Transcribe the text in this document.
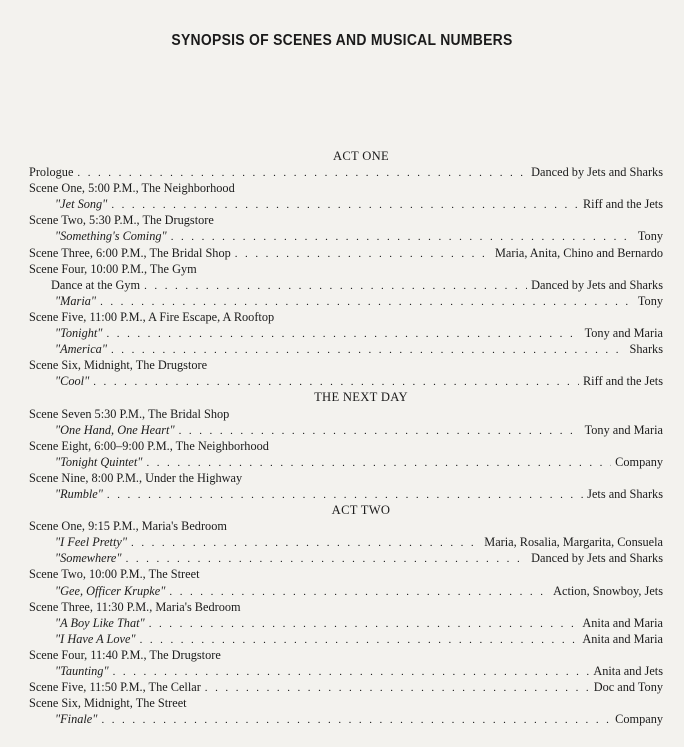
SYNOPSIS OF SCENES AND MUSICAL NUMBERS
ACT ONE
Prologue . . .	Danced by Jets and Sharks
Scene One, 5:00 P.M., The Neighborhood
"Jet Song" . . .	Riff and the Jets
Scene Two, 5:30 P.M., The Drugstore
"Something's Coming" . . .	Tony
Scene Three, 6:00 P.M., The Bridal Shop . . .	Maria, Anita, Chino and Bernardo
Scene Four, 10:00 P.M., The Gym
Dance at the Gym . . .	Danced by Jets and Sharks
"Maria" . . .	Tony
Scene Five, 11:00 P.M., A Fire Escape, A Rooftop
"Tonight" . . .	Tony and Maria
"America" . . .	Sharks
Scene Six, Midnight, The Drugstore
"Cool" . . .	Riff and the Jets
THE NEXT DAY
Scene Seven 5:30 P.M., The Bridal Shop
"One Hand, One Heart" . . .	Tony and Maria
Scene Eight, 6:00–9:00 P.M., The Neighborhood
"Tonight Quintet" . . .	Company
Scene Nine, 8:00 P.M., Under the Highway
"Rumble" . . .	Jets and Sharks
ACT TWO
Scene One, 9:15 P.M., Maria's Bedroom
"I Feel Pretty" . . .	Maria, Rosalia, Margarita, Consuela
"Somewhere" . . .	Danced by Jets and Sharks
Scene Two, 10:00 P.M., The Street
"Gee, Officer Krupke" . . .	Action, Snowboy, Jets
Scene Three, 11:30 P.M., Maria's Bedroom
"A Boy Like That" . . .	Anita and Maria
"I Have A Love" . . .	Anita and Maria
Scene Four, 11:40 P.M., The Drugstore
"Taunting" . . .	Anita and Jets
Scene Five, 11:50 P.M., The Cellar . . .	Doc and Tony
Scene Six, Midnight, The Street
"Finale" . . .	Company
